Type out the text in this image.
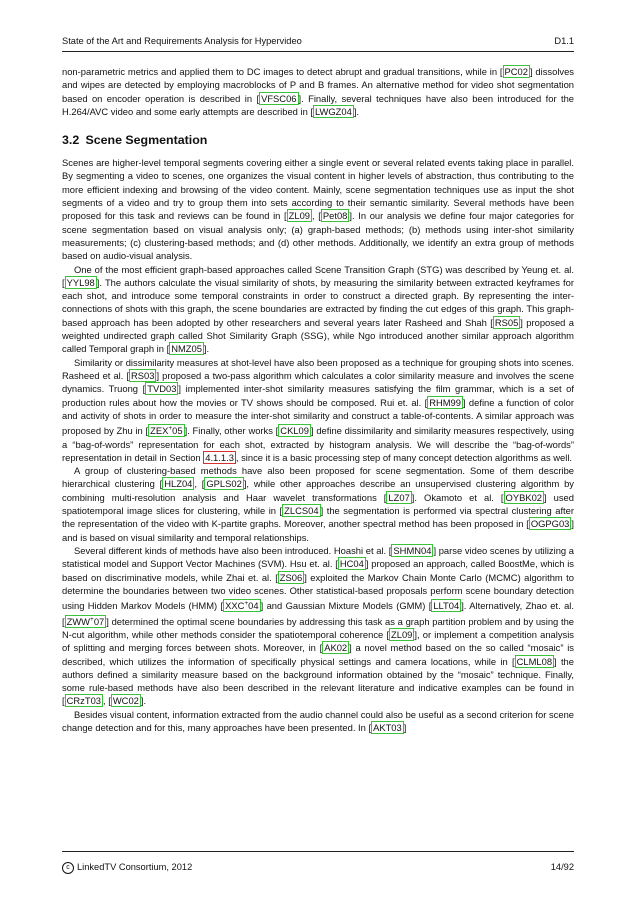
State of the Art and Requirements Analysis for Hypervideo	D1.1

non-parametric metrics and applied them to DC images to detect abrupt and gradual transitions, while in [ PC02 ] dissolves and wipes are detected by employing macroblocks of P and B frames. An alternative method for video shot segmentation based on encoder operation is described in [ VFSC06 ]. Finally, several techniques have also been introduced for the H.264/AVC video and some early attempts are described in [ LWGZ04 ].

3.2 Scene Segmentation

Scenes are higher-level temporal segments covering either a single event or several related events taking place in parallel. By segmenting a video to scenes, one organizes the visual content in higher levels of abstraction, thus contributing to the more efficient indexing and browsing of the video content. Mainly, scene segmentation techniques use as input the shot segments of a video and try to group them into sets according to their semantic similarity. Several methods have been proposed for this task and reviews can be found in [ ZL09 , [ Pet08 ]. In our analysis we define four major categories for scene segmentation based on visual analysis only; (a) graph-based methods; (b) methods using inter-shot similarity measurements; (c) clustering-based methods; and (d) other methods. Additionally, we identify an extra group of methods based on audio-visual analysis.

One of the most efficient graph-based approaches called Scene Transition Graph (STG) was described by Yeung et. al. [ YYL98 ]. The authors calculate the visual similarity of shots, by measuring the similarity between extracted keyframes for each shot, and introduce some temporal constraints in order to construct a directed graph. By representing the inter-connections of shots with this graph, the scene boundaries are extracted by finding the cut edges of this graph. This graph-based approach has been adopted by other researchers and several years later Rasheed and Shah [ RS05 ] proposed a weighted undirected graph called Shot Similarity Graph (SSG), while Ngo introduced another similar approach algorithm called Temporal graph in [ NMZ05 ].

Similarity or dissimilarity measures at shot-level have also been proposed as a technique for grouping shots into scenes. Rasheed et al. [ RS03 ] proposed a two-pass algorithm which calculates a color similarity measure and involves the scene dynamics. Truong [ TVD03 ] implemented inter-shot similarity measures satisfying the film grammar, which is a set of production rules about how the movies or TV shows should be composed. Rui et. al. [ RHM99 ] define a function of color and activity of shots in order to measure the inter-shot similarity and construct a table-of-contents. A similar approach was proposed by Zhu in [ ZEX+05 ]. Finally, other works [ CKL09 ] define dissimilarity and similarity measures respectively, using a “bag-of-words” representation for each shot, extracted by histogram analysis. We will describe the “bag-of-words” representation in detail in Section 4.1.1.3 , since it is a basic processing step of many concept detection algorithms as well.

A group of clustering-based methods have also been proposed for scene segmentation. Some of them describe hierarchical clustering [ HLZ04 , [ GPLS02 ], while other approaches describe an unsupervised clustering algorithm by combining multi-resolution analysis and Haar wavelet transformations [ LZ07 ]. Okamoto et al. [ OYBK02 ] used spatiotemporal image slices for clustering, while in [ ZLCS04 ] the segmentation is performed via spectral clustering after the representation of the video with K-partite graphs. Moreover, another spectral method has been proposed in [ OGPG03 ] and is based on visual similarity and temporal relationships.

Several different kinds of methods have also been introduced. Hoashi et al. [ SHMN04 ] parse video scenes by utilizing a statistical model and Support Vector Machines (SVM). Hsu et. al. [ HC04 ] proposed an approach, called BoostMe, which is based on discriminative models, while Zhai et. al. [ ZS06 ] exploited the Markov Chain Monte Carlo (MCMC) algorithm to determine the boundaries between two video scenes. Other statistical-based proposals perform scene boundary detection using Hidden Markov Models (HMM) [ XXC+04 ] and Gaussian Mixture Models (GMM) [ LLT04 ]. Alternatively, Zhao et. al. [ ZWW+07 ] determined the optimal scene boundaries by addressing this task as a graph partition problem and by using the N-cut algorithm, while other methods consider the spatiotemporal coherence [ ZL09 ], or implement a competition analysis of splitting and merging forces between shots. Moreover, in [ AK02 ] a novel method based on the so called “mosaic” is described, which utilizes the information of specifically physical settings and camera locations, while in [ CLML08 ] the authors defined a similarity measure based on the background information obtained by the “mosaic” technique. Finally, some rule-based methods have also been described in the relevant literature and indicative examples can be found in [ CRzT03 , [ WC02 ].

Besides visual content, information extracted from the audio channel could also be useful as a second criterion for scene change detection and for this, many approaches have been presented. In [ AKT03 ]

c LinkedTV Consortium, 2012	14/92
